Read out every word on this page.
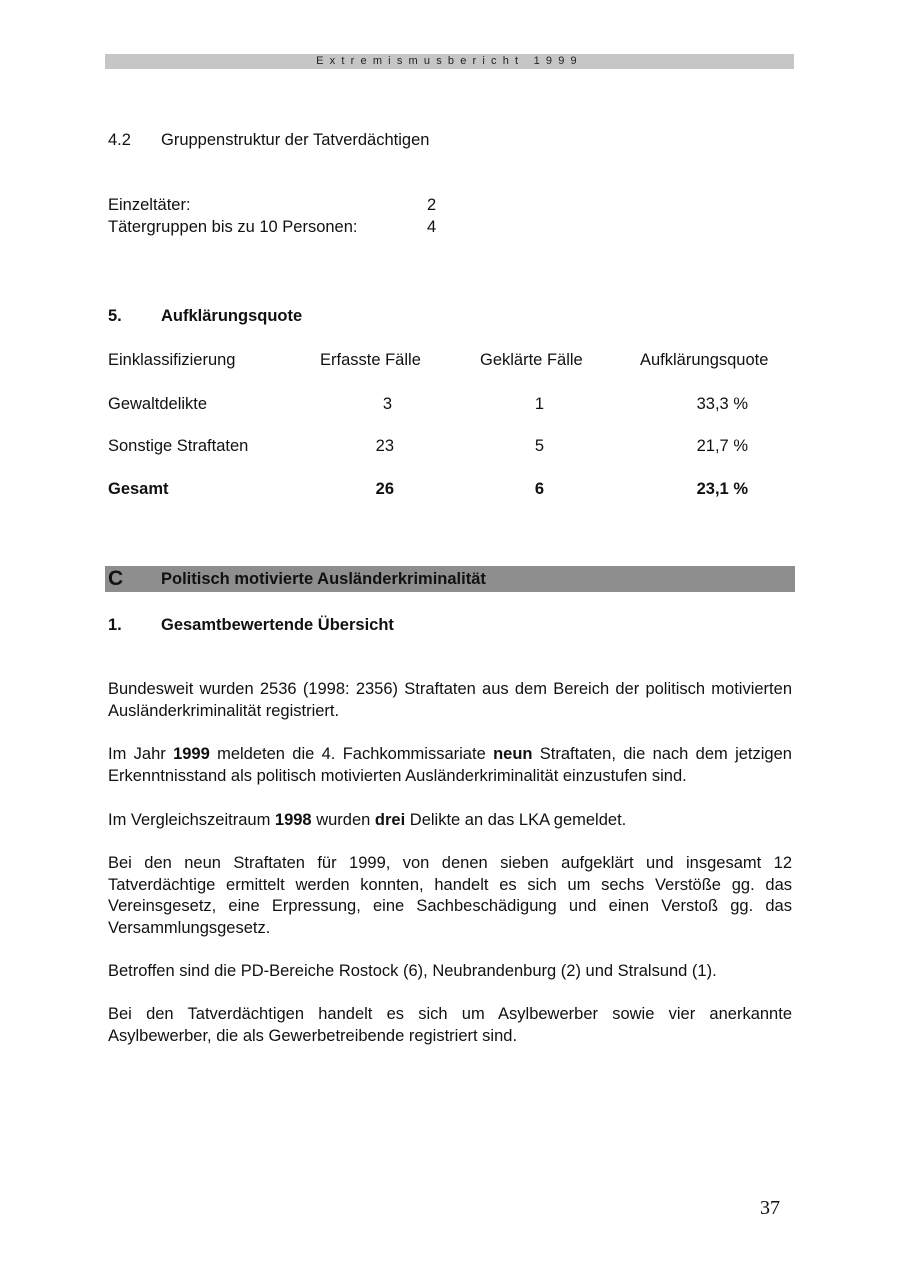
Extremismusbericht 1999
4.2 Gruppenstruktur der Tatverdächtigen
Einzeltäter:	2
Tätergruppen bis zu 10 Personen:	4
5. Aufklärungsquote
Einklassifizierung	Erfasste Fälle	Geklärte Fälle	Aufklärungsquote
Gewaltdelikte	3	1	33,3 %
Sonstige Straftaten	23	5	21,7 %
Gesamt	26	6	23,1 %
C Politisch motivierte Ausländerkriminalität
1. Gesamtbewertende Übersicht

Bundesweit wurden 2536 (1998: 2356) Straftaten aus dem Bereich der politisch motivierten Ausländerkriminalität registriert.

Im Jahr 1999 meldeten die 4. Fachkommissariate neun Straftaten, die nach dem jetzigen Erkenntnisstand als politisch motivierten Ausländerkriminalität einzustufen sind.

Im Vergleichszeitraum 1998 wurden drei Delikte an das LKA gemeldet.

Bei den neun Straftaten für 1999, von denen sieben aufgeklärt und insgesamt 12 Tatverdächtige ermittelt werden konnten, handelt es sich um sechs Verstöße gg. das Vereinsgesetz, eine Erpressung, eine Sachbeschädigung und einen Verstoß gg. das Versammlungsgesetz.

Betroffen sind die PD-Bereiche Rostock (6), Neubrandenburg (2) und Stralsund (1).

Bei den Tatverdächtigen handelt es sich um Asylbewerber sowie vier anerkannte Asylbewerber, die als Gewerbetreibende registriert sind.

37
